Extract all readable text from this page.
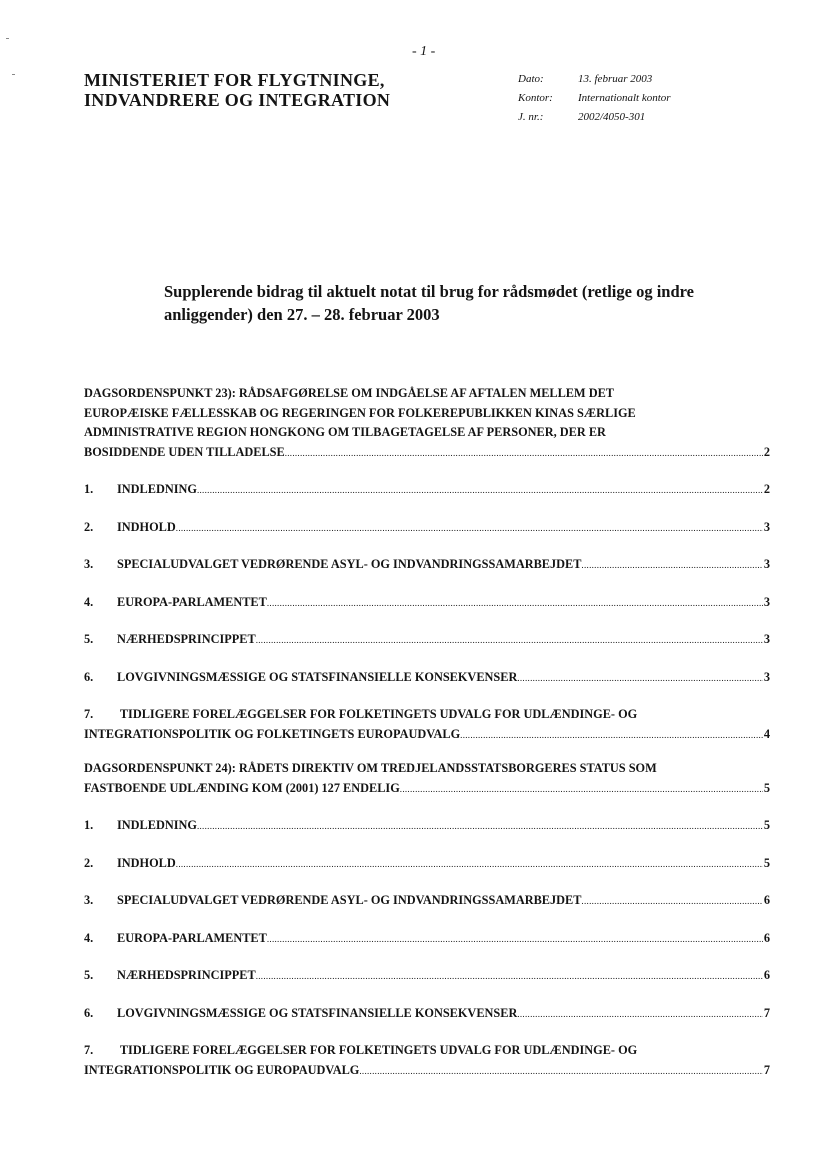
- 1 -
MINISTERIET FOR FLYGTNINGE,
INDVANDRERE OG INTEGRATION
Dato:	13. februar 2003
Kontor:	Internationalt kontor
J. nr.:	2002/4050-301
Supplerende bidrag til aktuelt notat til brug for rådsmødet (retlige og indre
anliggender) den 27. – 28. februar 2003
DAGSORDENSPUNKT 23): RÅDSAFGØRELSE OM INDGÅELSE AF AFTALEN MELLEM DET
EUROPÆISKE FÆLLESSKAB OG REGERINGEN FOR FOLKEREPUBLIKKEN KINAS SÆRLIGE
ADMINISTRATIVE REGION HONGKONG OM TILBAGETAGELSE AF PERSONER, DER ER
BOSIDDENDE UDEN TILLADELSE .....	2
1.	INDLEDNING .....	2
2.	INDHOLD .....	3
3.	SPECIALUDVALGET VEDRØRENDE ASYL- OG INDVANDRINGSSAMARBEJDET .....	3
4.	EUROPA-PARLAMENTET .....	3
5.	NÆRHEDSPRINCIPPET .....	3
6.	LOVGIVNINGSMÆSSIGE OG STATSFINANSIELLE KONSEKVENSER .....	3
7. TIDLIGERE FORELÆGGELSER FOR FOLKETINGETS UDVALG FOR UDLÆNDINGE- OG
INTEGRATIONSPOLITIK OG FOLKETINGETS EUROPAUDVALG .....	4
DAGSORDENSPUNKT 24): RÅDETS DIREKTIV OM TREDJELANDSSTATSBORGERES STATUS SOM
FASTBOENDE UDLÆNDING KOM (2001) 127 ENDELIG .....	5
1.	INDLEDNING .....	5
2.	INDHOLD .....	5
3.	SPECIALUDVALGET VEDRØRENDE ASYL- OG INDVANDRINGSSAMARBEJDET .....	6
4.	EUROPA-PARLAMENTET .....	6
5.	NÆRHEDSPRINCIPPET .....	6
6.	LOVGIVNINGSMÆSSIGE OG STATSFINANSIELLE KONSEKVENSER .....	7
7. TIDLIGERE FORELÆGGELSER FOR FOLKETINGETS UDVALG FOR UDLÆNDINGE- OG
INTEGRATIONSPOLITIK OG EUROPAUDVALG .....	7
